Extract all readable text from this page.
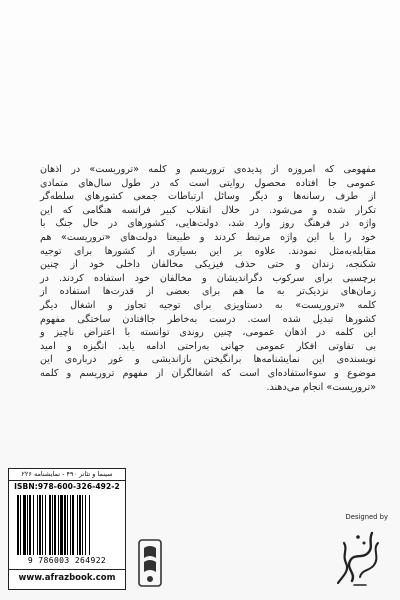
مفهومی که امروزه از پدیده‌ی تروریسم و کلمه «تروریست» در اذهان

عمومی جا افتاده محصول روایتی است که در طول سال‌های متمادی

از طرف رسانه‌ها و دیگر وسائل ارتباطات جمعی کشورهای سلطه‌گر

تکرار شده و می‌شود. در خلال انقلاب کبیر فرانسه هنگامی که این

واژه در فرهنگ روز وارد شد، دولت‌هایی، کشورهای در حال جنگ با

خود را با این واژه مرتبط کردند و طبیعتا دولت‌های «تروریست» هم

مقابله‌به‌مثل نمودند. علاوه بر این بسیاری از کشورها برای توجیه

شکنجه، زندان و حتی حذف فیزیکی مخالفان داخلی خود از چنین

برچسبی برای سرکوب دگراندیشان و مخالفان خود استفاده کردند. در

زمان‌های نزدیک‌تر به ما هم برای بعضی از قدرت‌ها استفاده از

کلمه «تروریست» به دستاویزی برای توجیه تجاوز و اشغال دیگر

کشورها تبدیل شده است. درست به‌خاطر جاافتادن ساختگی مفهوم

این کلمه در اذهان عمومی، چنین روندی توانسته با اعتراض ناچیز و

بی تفاوتی افکار عمومی جهانی به‌راحتی ادامه یابد. انگیزه و امید

نویسنده‌ی این نمایشنامه‌ها برانگیختن بازاندیشی و غور درباره‌ی این

موضوع و سوءاستفاده‌ای است که اشغالگران از مفهوم تروریسم و کلمه

«تروریست» انجام می‌دهند.

سینما و تئاتر ۴۹۰ - نمایشنامه ۲۲۶
ISBN:978-600-326-492-2
9 786003 264922
www.afrazbook.com
Designed by
